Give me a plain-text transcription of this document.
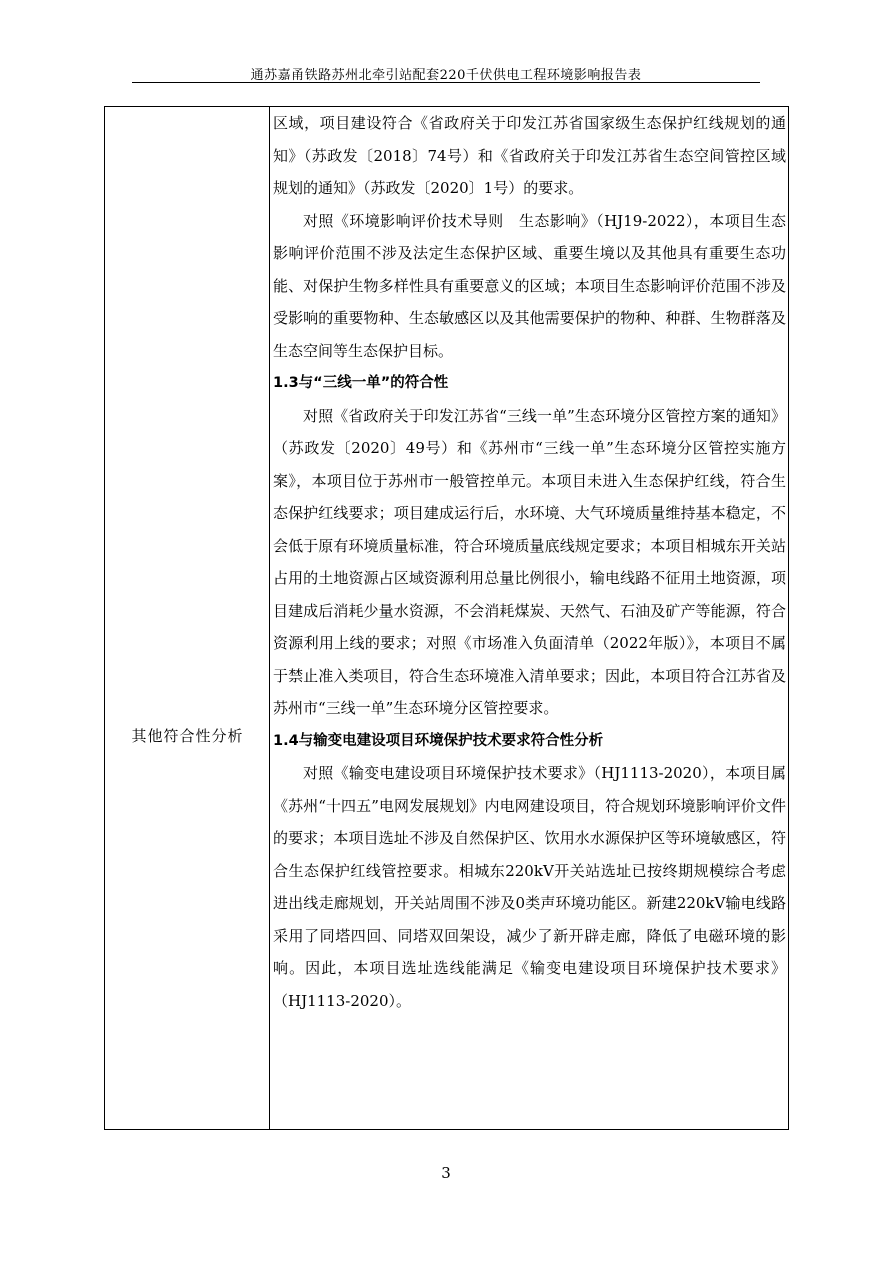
通苏嘉甬铁路苏州北牵引站配套220千伏供电工程环境影响报告表
其他符合性分析

区域，项目建设符合《省政府关于印发江苏省国家级生态保护红线规划的通知》（苏政发〔2018〕74号）和《省政府关于印发江苏省生态空间管控区域规划的通知》（苏政发〔2020〕1号）的要求。

对照《环境影响评价技术导则　生态影响》（HJ19-2022），本项目生态影响评价范围不涉及法定生态保护区域、重要生境以及其他具有重要生态功能、对保护生物多样性具有重要意义的区域；本项目生态影响评价范围不涉及受影响的重要物种、生态敏感区以及其他需要保护的物种、种群、生物群落及生态空间等生态保护目标。

1.3与“三线一单”的符合性

对照《省政府关于印发江苏省“三线一单”生态环境分区管控方案的通知》（苏政发〔2020〕49号）和《苏州市“三线一单”生态环境分区管控实施方案》，本项目位于苏州市一般管控单元。本项目未进入生态保护红线，符合生态保护红线要求；项目建成运行后，水环境、大气环境质量维持基本稳定，不会低于原有环境质量标准，符合环境质量底线规定要求；本项目相城东开关站占用的土地资源占区域资源利用总量比例很小，输电线路不征用土地资源，项目建成后消耗少量水资源，不会消耗煤炭、天然气、石油及矿产等能源，符合资源利用上线的要求；对照《市场准入负面清单（2022年版）》，本项目不属于禁止准入类项目，符合生态环境准入清单要求；因此，本项目符合江苏省及苏州市“三线一单”生态环境分区管控要求。

1.4与输变电建设项目环境保护技术要求符合性分析

对照《输变电建设项目环境保护技术要求》（HJ1113-2020），本项目属《苏州“十四五”电网发展规划》内电网建设项目，符合规划环境影响评价文件的要求；本项目选址不涉及自然保护区、饮用水水源保护区等环境敏感区，符合生态保护红线管控要求。相城东220kV开关站选址已按终期规模综合考虑进出线走廊规划，开关站周围不涉及0类声环境功能区。新建220kV输电线路采用了同塔四回、同塔双回架设，减少了新开辟走廊，降低了电磁环境的影响。因此，本项目选址选线能满足《输变电建设项目环境保护技术要求》（HJ1113-2020）。

3
